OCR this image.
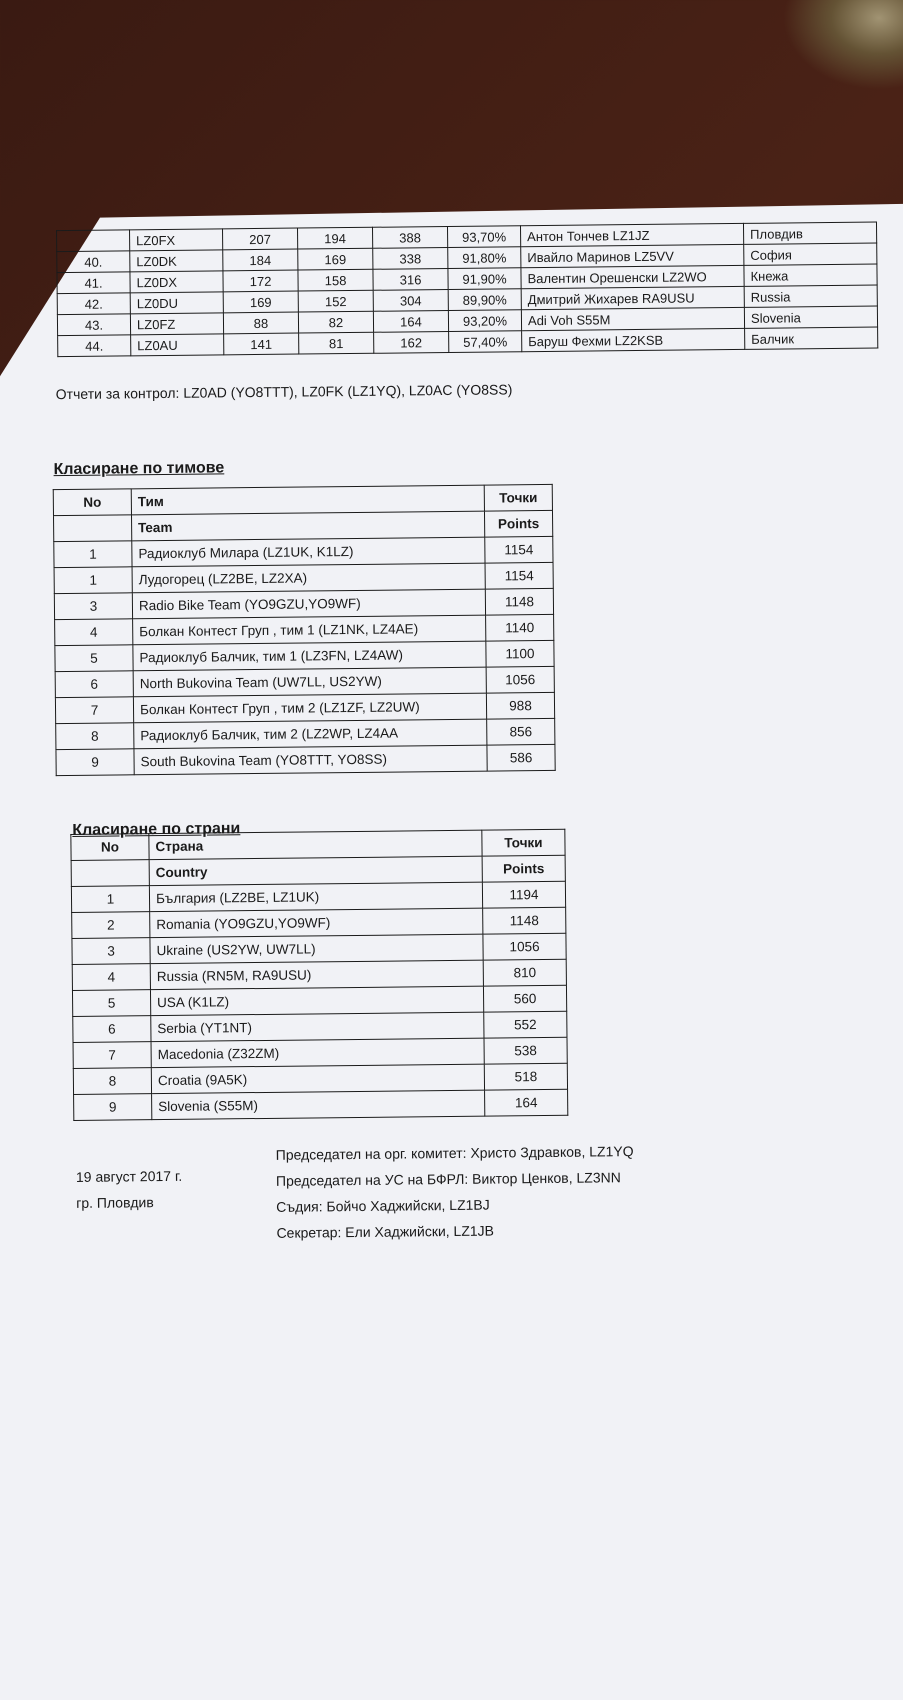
	LZ0FX	207	194	388	93,70%	Антон Тончев LZ1JZ	Пловдив
40.	LZ0DK	184	169	338	91,80%	Ивайло Маринов LZ5VV	София
41.	LZ0DX	172	158	316	91,90%	Валентин Орешенски LZ2WO	Кнежа
42.	LZ0DU	169	152	304	89,90%	Дмитрий Жихарев RA9USU	Russia
43.	LZ0FZ	88	82	164	93,20%	Adi Voh S55M	Slovenia
44.	LZ0AU	141	81	162	57,40%	Баруш Фехми LZ2KSB	Балчик
Отчети за контрол: LZ0AD (YO8TTT), LZ0FK (LZ1YQ), LZ0AC (YO8SS)
Класиране по тимове
No	Тим	Точки
	Team	Points
1	Радиоклуб Милара (LZ1UK, K1LZ)	1154
1	Лудогорец (LZ2BE, LZ2XA)	1154
3	Radio Bike Team (YO9GZU,YO9WF)	1148
4	Болкан Контест Груп , тим 1 (LZ1NK, LZ4AE)	1140
5	Радиоклуб Балчик, тим 1 (LZ3FN, LZ4AW)	1100
6	North Bukovina Team (UW7LL, US2YW)	1056
7	Болкан Контест Груп , тим 2 (LZ1ZF, LZ2UW)	988
8	Радиоклуб Балчик, тим 2 (LZ2WP, LZ4AA	856
9	South Bukovina Team (YO8TTT, YO8SS)	586
Класиране по страни
No	Страна	Точки
	Country	Points
1	България (LZ2BE, LZ1UK)	1194
2	Romania (YO9GZU,YO9WF)	1148
3	Ukraine (US2YW, UW7LL)	1056
4	Russia (RN5M, RA9USU)	810
5	USA (K1LZ)	560
6	Serbia (YT1NT)	552
7	Macedonia (Z32ZM)	538
8	Croatia (9A5K)	518
9	Slovenia (S55M)	164
19 август 2017 г.
гр. Пловдив
Председател на орг. комитет: Христо Здравков, LZ1YQ
Председател на УС на БФРЛ: Виктор Ценков, LZ3NN
Съдия: Бойчо Хаджийски, LZ1BJ
Секретар: Ели Хаджийски, LZ1JB
